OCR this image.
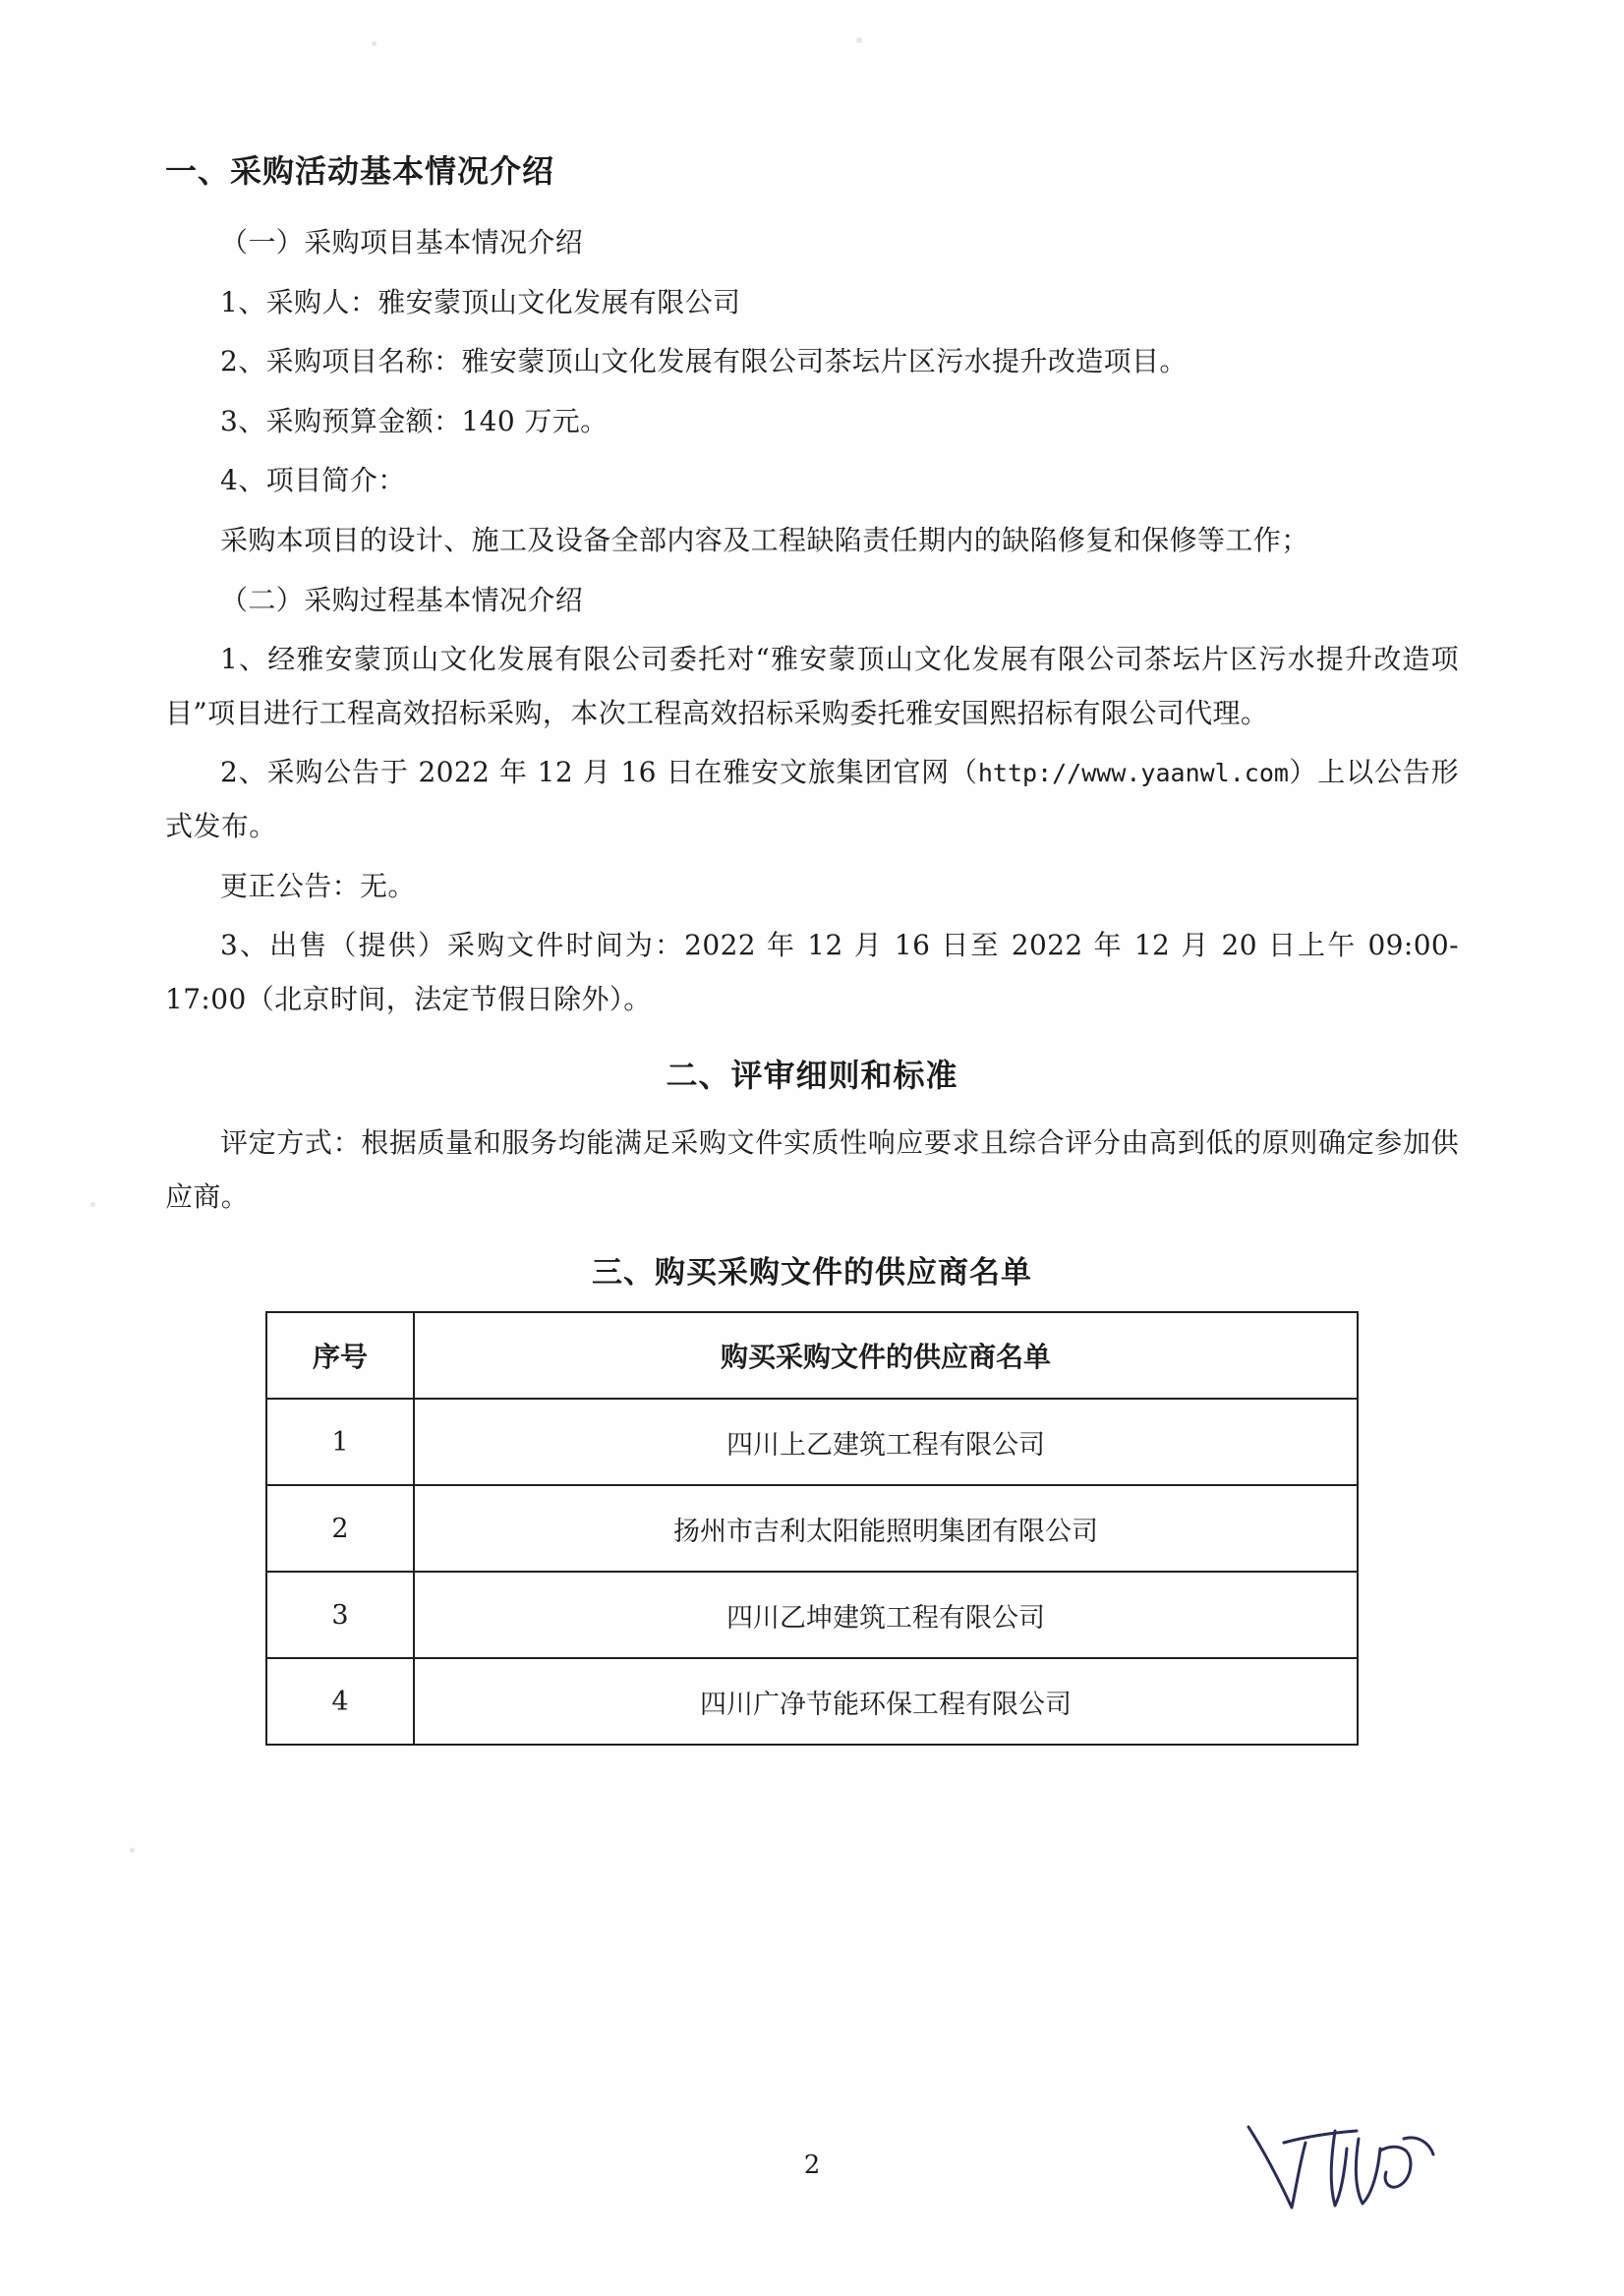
一、采购活动基本情况介绍

（一）采购项目基本情况介绍

1、采购人：雅安蒙顶山文化发展有限公司

2、采购项目名称：雅安蒙顶山文化发展有限公司茶坛片区污水提升改造项目。

3、采购预算金额：140 万元。

4、项目简介：

采购本项目的设计、施工及设备全部内容及工程缺陷责任期内的缺陷修复和保修等工作；

（二）采购过程基本情况介绍

1、经雅安蒙顶山文化发展有限公司委托对“雅安蒙顶山文化发展有限公司茶坛片区污水提升改造项目”项目进行工程高效招标采购，本次工程高效招标采购委托雅安国熙招标有限公司代理。

2、采购公告于 2022 年 12 月 16 日在雅安文旅集团官网（http://www.yaanwl.com）上以公告形式发布。

更正公告：无。

3、出售（提供）采购文件时间为：2022 年 12 月 16 日至 2022 年 12 月 20 日上午 09:00-17:00（北京时间，法定节假日除外）。

二、评审细则和标准

评定方式：根据质量和服务均能满足采购文件实质性响应要求且综合评分由高到低的原则确定参加供应商。

三、购买采购文件的供应商名单
序号	购买采购文件的供应商名单
1	四川上乙建筑工程有限公司
2	扬州市吉利太阳能照明集团有限公司
3	四川乙坤建筑工程有限公司
4	四川广净节能环保工程有限公司
2
